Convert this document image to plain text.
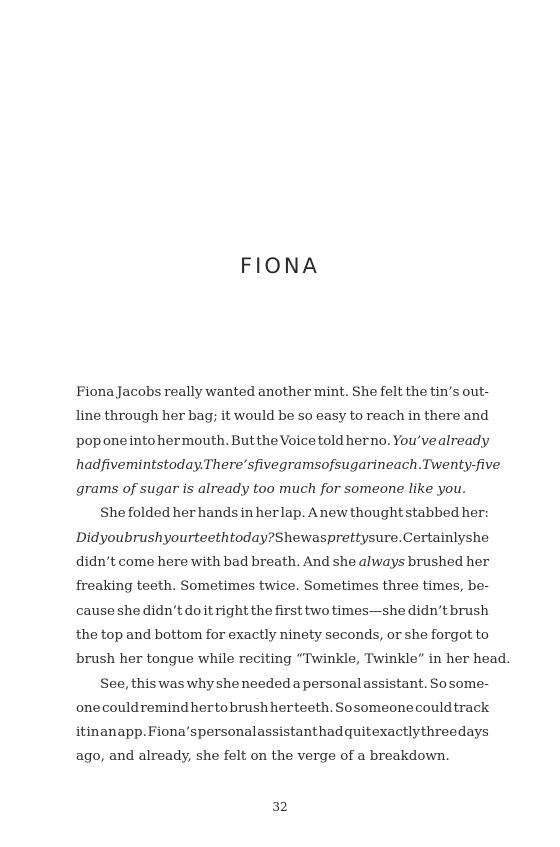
FIONA
Fiona Jacobs really wanted another mint. She felt the tin’s out-
line through her bag; it would be so easy to reach in there and
pop one into her mouth. But the Voice told her no. You’ve already
had five mints today. There’s five grams of sugar in each. Twenty-five
grams of sugar is already too much for someone like you.
She folded her hands in her lap. A new thought stabbed her:
Did you brush your teeth today? She was pretty sure. Certainly she
didn’t come here with bad breath. And she always brushed her
freaking teeth. Sometimes twice. Sometimes three times, be-
cause she didn’t do it right the first two times—she didn’t brush
the top and bottom for exactly ninety seconds, or she forgot to
brush her tongue while reciting “Twinkle, Twinkle” in her head.
See, this was why she needed a personal assistant. So some-
one could remind her to brush her teeth. So someone could track
it in an app. Fiona’s personal assistant had quit exactly three days
ago, and already, she felt on the verge of a breakdown.
32
